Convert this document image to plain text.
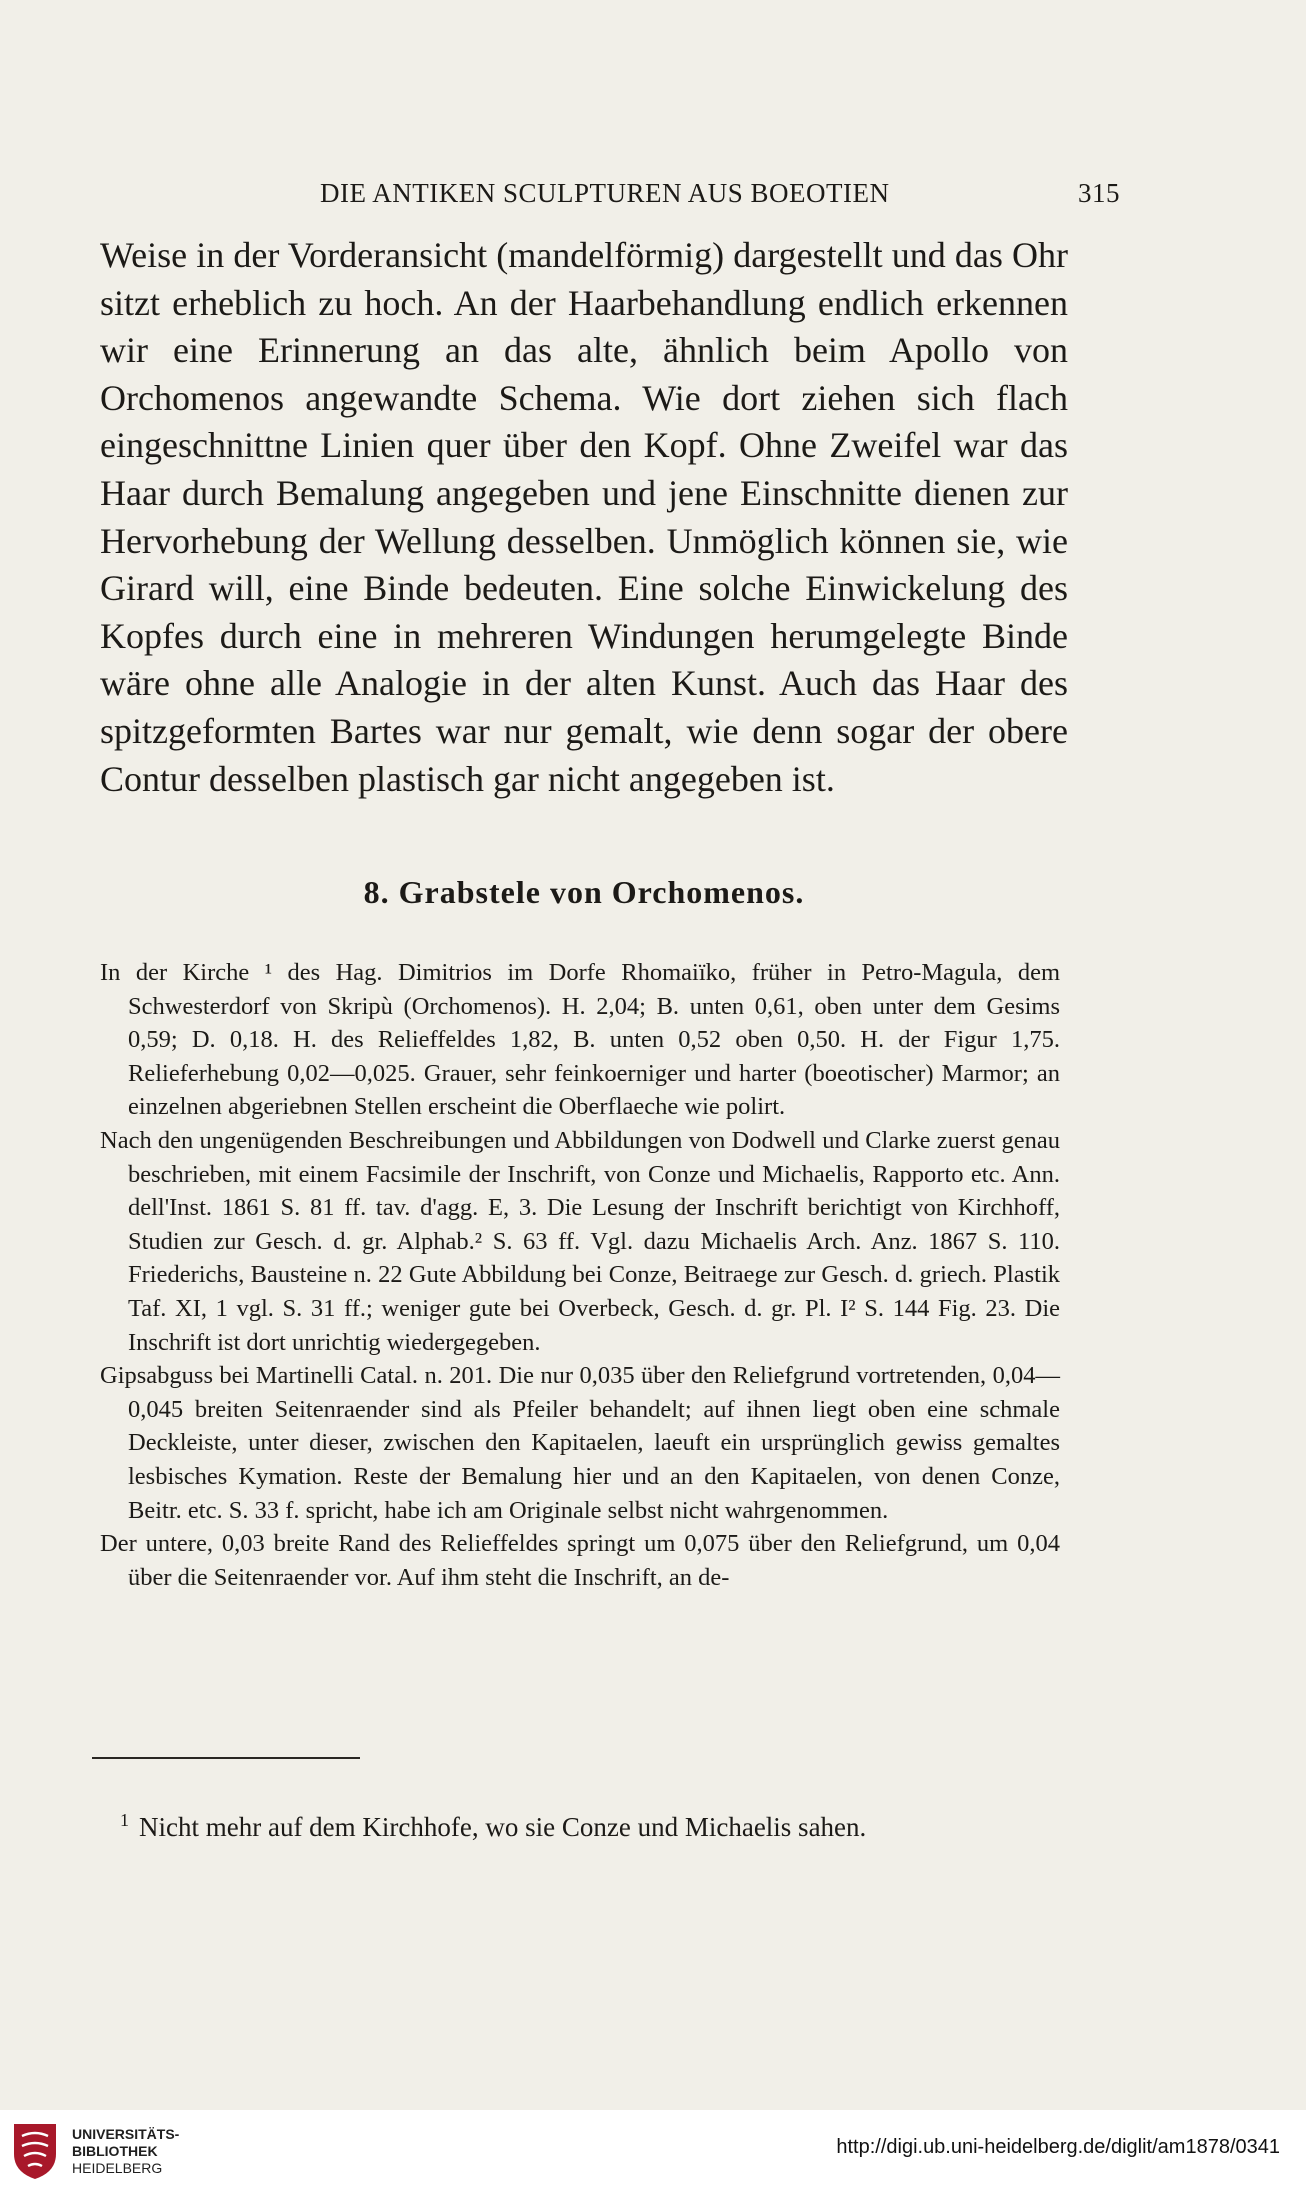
DIE ANTIKEN SCULPTUREN AUS BOEOTIEN	315

Weise in der Vorderansicht (mandelförmig) dargestellt und das Ohr sitzt erheblich zu hoch. An der Haarbehandlung endlich erkennen wir eine Erinnerung an das alte, ähnlich beim Apollo von Orchomenos angewandte Schema. Wie dort ziehen sich flach eingeschnittne Linien quer über den Kopf. Ohne Zweifel war das Haar durch Bemalung angegeben und jene Einschnitte dienen zur Hervorhebung der Wellung desselben. Unmöglich können sie, wie Girard will, eine Binde bedeuten. Eine solche Einwickelung des Kopfes durch eine in mehreren Windungen herumgelegte Binde wäre ohne alle Analogie in der alten Kunst. Auch das Haar des spitzgeformten Bartes war nur gemalt, wie denn sogar der obere Contur desselben plastisch gar nicht angegeben ist.

8. Grabstele von Orchomenos.

In der Kirche ¹ des Hag. Dimitrios im Dorfe Rhomaiïko, früher in Petro-Magula, dem Schwesterdorf von Skripù (Orchomenos). H. 2,04; B. unten 0,61, oben unter dem Gesims 0,59; D. 0,18. H. des Relieffeldes 1,82, B. unten 0,52 oben 0,50. H. der Figur 1,75. Relieferhebung 0,02—0,025. Grauer, sehr feinkoerniger und harter (boeotischer) Marmor; an einzelnen abgeriebnen Stellen erscheint die Oberflaeche wie polirt.

Nach den ungenügenden Beschreibungen und Abbildungen von Dodwell und Clarke zuerst genau beschrieben, mit einem Facsimile der Inschrift, von Conze und Michaelis, Rapporto etc. Ann. dell'Inst. 1861 S. 81 ff. tav. d'agg. E, 3. Die Lesung der Inschrift berichtigt von Kirchhoff, Studien zur Gesch. d. gr. Alphab.² S. 63 ff. Vgl. dazu Michaelis Arch. Anz. 1867 S. 110. Friederichs, Bausteine n. 22 Gute Abbildung bei Conze, Beitraege zur Gesch. d. griech. Plastik Taf. XI, 1 vgl. S. 31 ff.; weniger gute bei Overbeck, Gesch. d. gr. Pl. I² S. 144 Fig. 23. Die Inschrift ist dort unrichtig wiedergegeben.

Gipsabguss bei Martinelli Catal. n. 201. Die nur 0,035 über den Reliefgrund vortretenden, 0,04—0,045 breiten Seitenraender sind als Pfeiler behandelt; auf ihnen liegt oben eine schmale Deckleiste, unter dieser, zwischen den Kapitaelen, laeuft ein ursprünglich gewiss gemaltes lesbisches Kymation. Reste der Bemalung hier und an den Kapitaelen, von denen Conze, Beitr. etc. S. 33 f. spricht, habe ich am Originale selbst nicht wahrgenommen.

Der untere, 0,03 breite Rand des Relieffeldes springt um 0,075 über den Reliefgrund, um 0,04 über die Seitenraender vor. Auf ihm steht die Inschrift, an de-

$^1$ Nicht mehr auf dem Kirchhofe, wo sie Conze und Michaelis sahen.
UNIVERSITÄTS-
BIBLIOTHEK
HEIDELBERG
http://digi.ub.uni-heidelberg.de/diglit/am1878/0341
